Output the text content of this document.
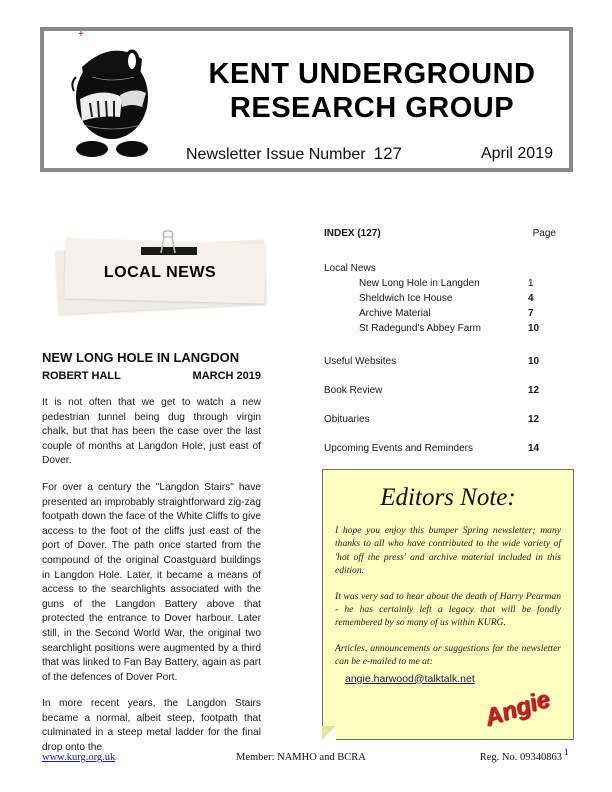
KENT UNDERGROUND
RESEARCH GROUP
Newsletter Issue Number 127	April 2019
+
LOCAL NEWS
NEW LONG HOLE IN LANGDON
ROBERT HALL	MARCH 2019

It is not often that we get to watch a new pedestrian tunnel being dug through virgin chalk, but that has been the case over the last couple of months at Langdon Hole, just east of Dover.

For over a century the "Langdon Stairs" have presented an improbably straightforward zig-zag footpath down the face of the White Cliffs to give access to the foot of the cliffs just east of the port of Dover. The path once started from the compound of the original Coastguard buildings in Langdon Hole. Later, it became a means of access to the searchlights associated with the guns of the Langdon Battery above that protected the entrance to Dover harbour. Later still, in the Second World War, the original two searchlight positions were augmented by a third that was linked to Fan Bay Battery, again as part of the defences of Dover Port.

In more recent years, the Langdon Stairs became a normal, albeit steep, footpath that culminated in a steep metal ladder for the final drop onto the

INDEX (127)	Page
Local News
New Long Hole in Langden	1
Sheldwich Ice House	4
Archive Material	7
St Radegund's Abbey Farm	10
Useful Websites	10
Book Review	12
Obituaries	12
Upcoming Events and Reminders	14
Editors Note:

I hope you enjoy this bumper Spring newsletter; many thanks to all who have contributed to the wide variety of 'hot off the press' and archive material included in this edition.

It was very sad to hear about the death of Harry Pearman - he has certainly left a legacy that will be fondly remembered by so many of us within KURG.

Articles, announcements or suggestions for the newsletter can be e-mailed to me at:

angie.harwood@talktalk.net
Angie
www.kurg.org.uk	Member: NAMHO and BCRA	Reg. No. 09340863 1
